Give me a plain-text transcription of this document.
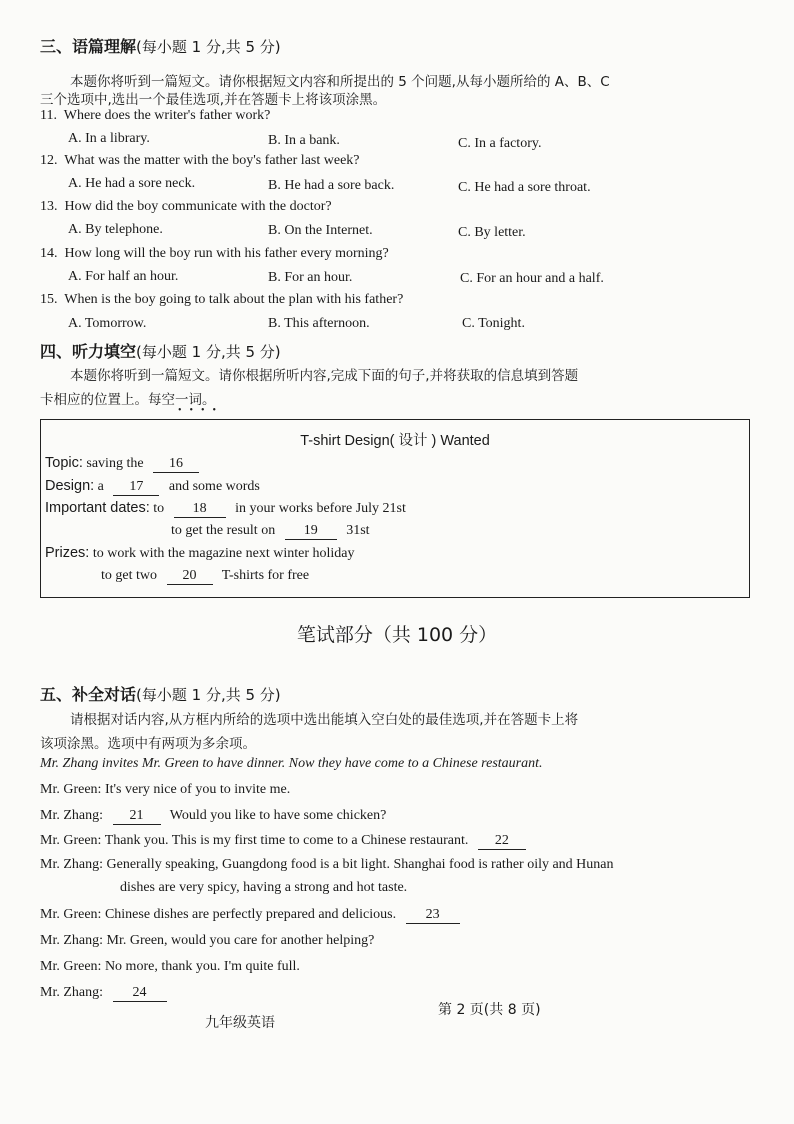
三、语篇理解(每小题 1 分,共 5 分)
本题你将听到一篇短文。请你根据短文内容和所提出的 5 个问题,从每小题所给的 A、B、C
三个选项中,选出一个最佳选项,并在答题卡上将该项涂黑。
11. Where does the writer's father work?
A. In a library.	B. In a bank.	C. In a factory.
12. What was the matter with the boy's father last week?
A. He had a sore neck.	B. He had a sore back.	C. He had a sore throat.
13. How did the boy communicate with the doctor?
A. By telephone.	B. On the Internet.	C. By letter.
14. How long will the boy run with his father every morning?
A. For half an hour.	B. For an hour.	C. For an hour and a half.
15. When is the boy going to talk about the plan with his father?
A. Tomorrow.	B. This afternoon.	C. Tonight.
四、听力填空(每小题 1 分,共 5 分)
本题你将听到一篇短文。请你根据所听内容,完成下面的句子,并将获取的信息填到答题
卡相应的位置上。每空一词。
••••
T-shirt Design( 设计 ) Wanted
Topic: saving the 16
Design: a 17 and some words
Important dates: to 18 in your works before July 21st
to get the result on 19 31st
Prizes: to work with the magazine next winter holiday
to get two 20 T-shirts for free
笔试部分（共 100 分）
五、补全对话(每小题 1 分,共 5 分)
请根据对话内容,从方框内所给的选项中选出能填入空白处的最佳选项,并在答题卡上将
该项涂黑。选项中有两项为多余项。
Mr. Zhang invites Mr. Green to have dinner. Now they have come to a Chinese restaurant.
Mr. Green: It's very nice of you to invite me.
Mr. Zhang: 21 Would you like to have some chicken?
Mr. Green: Thank you. This is my first time to come to a Chinese restaurant. 22
Mr. Zhang: Generally speaking, Guangdong food is a bit light. Shanghai food is rather oily and Hunan
dishes are very spicy, having a strong and hot taste.
Mr. Green: Chinese dishes are perfectly prepared and delicious. 23
Mr. Zhang: Mr. Green, would you care for another helping?
Mr. Green: No more, thank you. I'm quite full.
Mr. Zhang: 24
九年级英语
第 2 页(共 8 页)
